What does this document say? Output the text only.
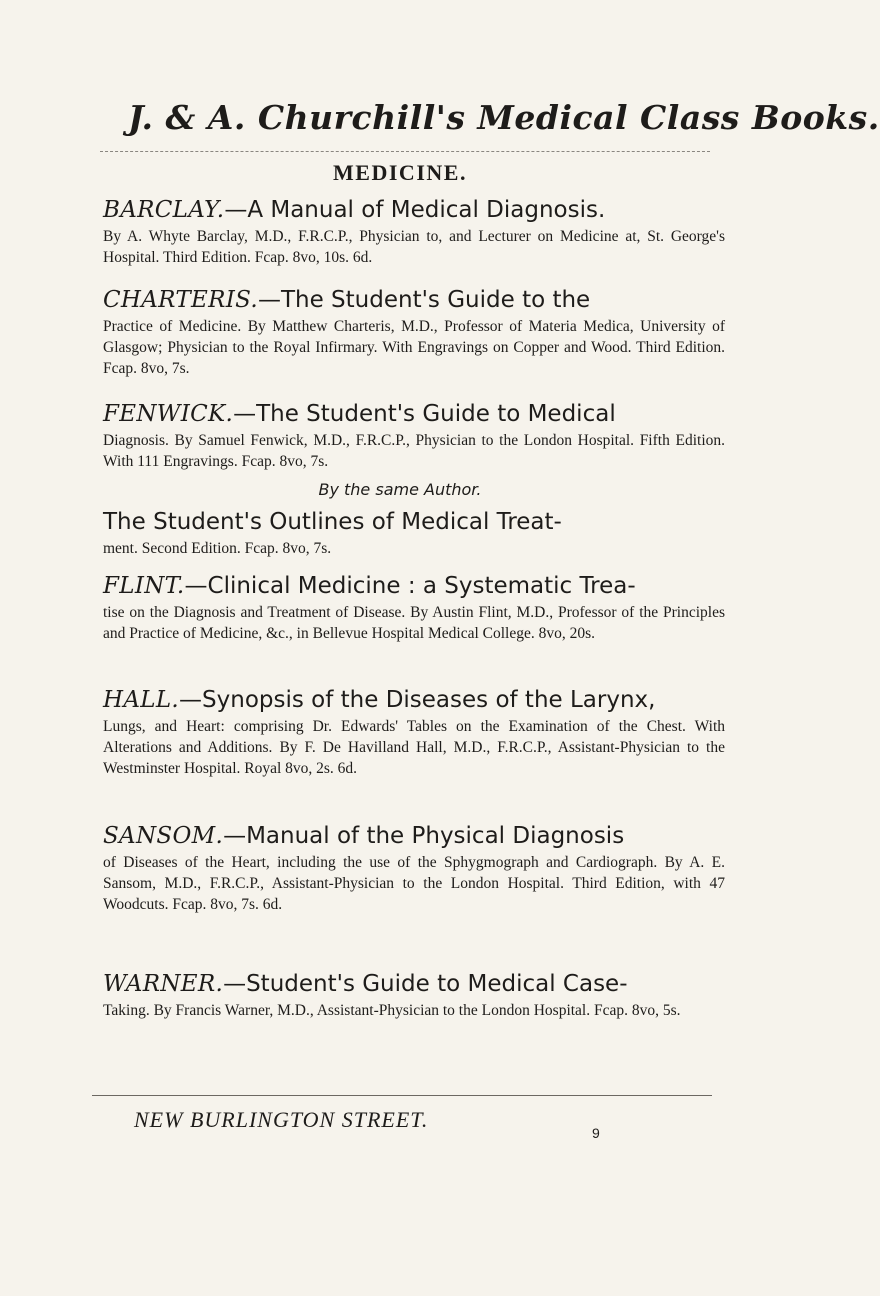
J. & A. Churchill's Medical Class Books.
MEDICINE.
BARCLAY.—A Manual of Medical Diagnosis.
By A. Whyte Barclay, M.D., F.R.C.P., Physician to, and Lecturer on Medicine at, St. George's Hospital. Third Edition. Fcap. 8vo, 10s. 6d.
CHARTERIS.—The Student's Guide to the
Practice of Medicine. By Matthew Charteris, M.D., Professor of Materia Medica, University of Glasgow; Physician to the Royal Infirmary. With Engravings on Copper and Wood. Third Edition. Fcap. 8vo, 7s.
FENWICK.—The Student's Guide to Medical
Diagnosis. By Samuel Fenwick, M.D., F.R.C.P., Physician to the London Hospital. Fifth Edition. With 111 Engravings. Fcap. 8vo, 7s.
By the same Author.
The Student's Outlines of Medical Treat-
ment. Second Edition. Fcap. 8vo, 7s.
FLINT.—Clinical Medicine : a Systematic Trea-
tise on the Diagnosis and Treatment of Disease. By Austin Flint, M.D., Professor of the Principles and Practice of Medicine, &c., in Bellevue Hospital Medical College. 8vo, 20s.
HALL.—Synopsis of the Diseases of the Larynx,
Lungs, and Heart: comprising Dr. Edwards' Tables on the Examination of the Chest. With Alterations and Additions. By F. De Havilland Hall, M.D., F.R.C.P., Assistant-Physician to the Westminster Hospital. Royal 8vo, 2s. 6d.
SANSOM.—Manual of the Physical Diagnosis
of Diseases of the Heart, including the use of the Sphygmograph and Cardiograph. By A. E. Sansom, M.D., F.R.C.P., Assistant-Physician to the London Hospital. Third Edition, with 47 Woodcuts. Fcap. 8vo, 7s. 6d.
WARNER.—Student's Guide to Medical Case-
Taking. By Francis Warner, M.D., Assistant-Physician to the London Hospital. Fcap. 8vo, 5s.
NEW BURLINGTON STREET.
9
